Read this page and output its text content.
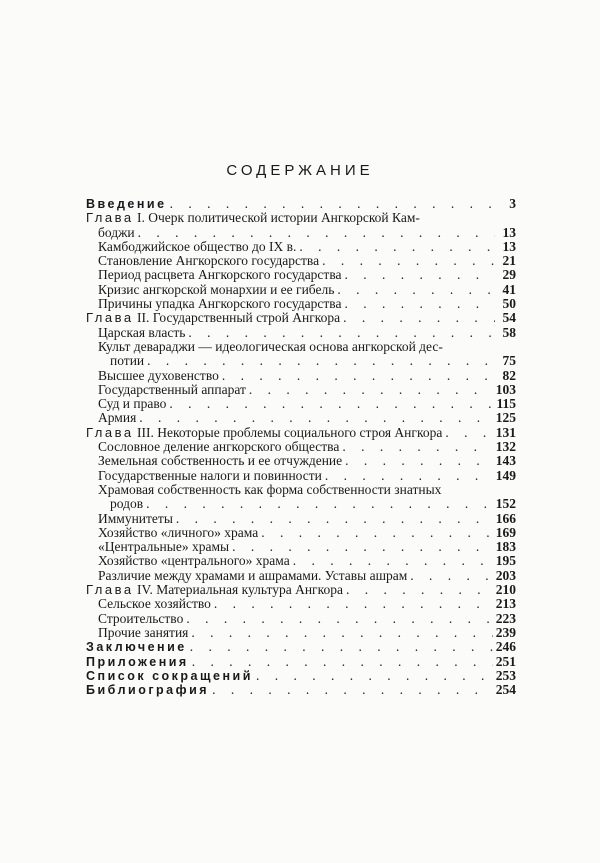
СОДЕРЖАНИЕ
Введение . . .	3
Глава I. Очерк политической истории Ангкорской Кам-
боджи . . .	13
Камбоджийское общество до IX в. . . .	13
Становление Ангкорского государства . . .	21
Период расцвета Ангкорского государства . . .	29
Кризис ангкорской монархии и ее гибель . . .	41
Причины упадка Ангкорского государства . . .	50
Глава II. Государственный строй Ангкора . . .	54
Царская власть . . .	58
Культ девараджи — идеологическая основа ангкорской дес-
потии . . .	75
Высшее духовенство . . .	82
Государственный аппарат . . .	103
Суд и право . . .	115
Армия . . .	125
Глава III. Некоторые проблемы социального строя Ангкора . . .	131
Сословное деление ангкорского общества . . .	132
Земельная собственность и ее отчуждение . . .	143
Государственные налоги и повинности . . .	149
Храмовая собственность как форма собственности знатных
родов . . .	152
Иммунитеты . . .	166
Хозяйство «личного» храма . . .	169
«Центральные» храмы . . .	183
Хозяйство «центрального» храма . . .	195
Различие между храмами и ашрамами. Уставы ашрам . . .	203
Глава IV. Материальная культура Ангкора . . .	210
Сельское хозяйство . . .	213
Строительство . . .	223
Прочие занятия . . .	239
Заключение . . .	246
Приложения . . .	251
Список сокращений . . .	253
Библиография . . .	254
